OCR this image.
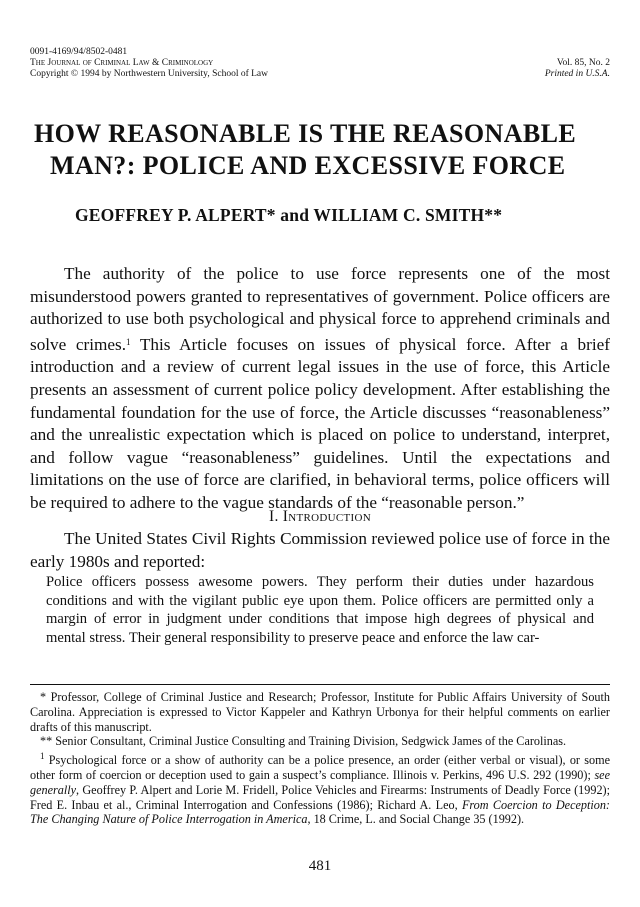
0091-4169/94/8502-0481
The Journal of Criminal Law & Criminology	Vol. 85, No. 2
Copyright © 1994 by Northwestern University, School of Law	Printed in U.S.A.
HOW REASONABLE IS THE REASONABLE
MAN?: POLICE AND EXCESSIVE FORCE
GEOFFREY P. ALPERT* and WILLIAM C. SMITH**

The authority of the police to use force represents one of the most misunderstood powers granted to representatives of government. Police officers are authorized to use both psychological and physical force to apprehend criminals and solve crimes.$^1$ This Article focuses on issues of physical force. After a brief introduction and a review of current legal issues in the use of force, this Article presents an assessment of current police policy development. After establishing the fundamental foundation for the use of force, the Article discusses “reasonableness” and the unrealistic expectation which is placed on police to understand, interpret, and follow vague “reasonableness” guidelines. Until the expectations and limitations on the use of force are clarified, in behavioral terms, police officers will be required to adhere to the vague standards of the “reasonable person.”

I. Introduction

The United States Civil Rights Commission reviewed police use of force in the early 1980s and reported:

Police officers possess awesome powers. They perform their duties under hazardous conditions and with the vigilant public eye upon them. Police officers are permitted only a margin of error in judgment under conditions that impose high degrees of physical and mental stress. Their general responsibility to preserve peace and enforce the law car-

* Professor, College of Criminal Justice and Research; Professor, Institute for Public Affairs University of South Carolina. Appreciation is expressed to Victor Kappeler and Kathryn Urbonya for their helpful comments on earlier drafts of this manuscript.

** Senior Consultant, Criminal Justice Consulting and Training Division, Sedgwick James of the Carolinas.

$^1$ Psychological force or a show of authority can be a police presence, an order (either verbal or visual), or some other form of coercion or deception used to gain a suspect’s compliance. Illinois v. Perkins, 496 U.S. 292 (1990); see generally, Geoffrey P. Alpert and Lorie M. Fridell, Police Vehicles and Firearms: Instruments of Deadly Force (1992); Fred E. Inbau et al., Criminal Interrogation and Confessions (1986); Richard A. Leo, From Coercion to Deception: The Changing Nature of Police Interrogation in America, 18 Crime, L. and Social Change 35 (1992).

481
